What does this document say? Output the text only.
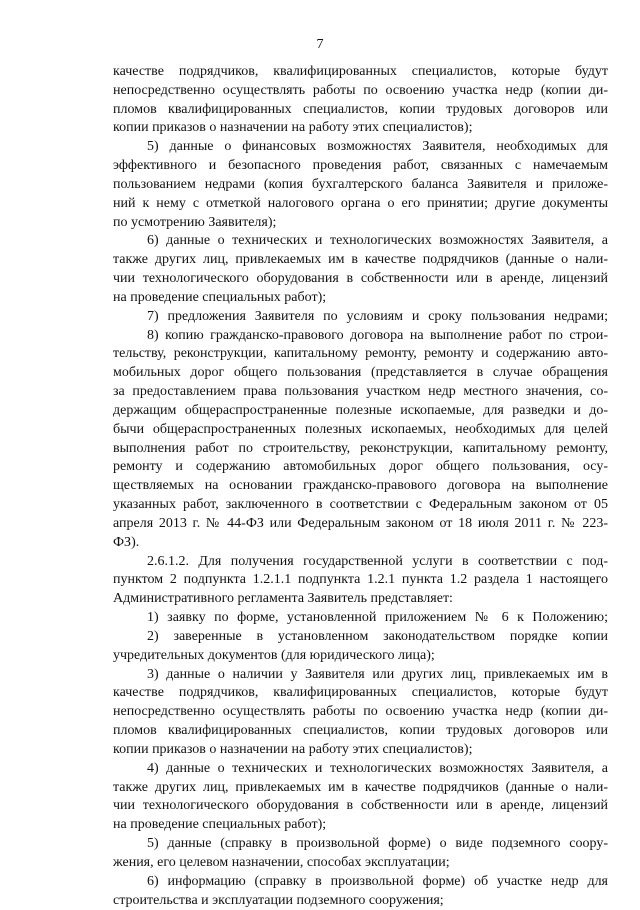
7
качестве подрядчиков, квалифицированных специалистов, которые будут
непосредственно осуществлять работы по освоению участка недр (копии ди-
пломов квалифицированных специалистов, копии трудовых договоров или
копии приказов о назначении на работу этих специалистов);
5) данные о финансовых возможностях Заявителя, необходимых для
эффективного и безопасного проведения работ, связанных с намечаемым
пользованием недрами (копия бухгалтерского баланса Заявителя и приложе-
ний к нему с отметкой налогового органа о его принятии; другие документы
по усмотрению Заявителя);
6) данные о технических и технологических возможностях Заявителя, а
также других лиц, привлекаемых им в качестве подрядчиков (данные о нали-
чии технологического оборудования в собственности или в аренде, лицензий
на проведение специальных работ);
7) предложения Заявителя по условиям и сроку пользования недрами;
8) копию гражданско-правового договора на выполнение работ по строи-
тельству, реконструкции, капитальному ремонту, ремонту и содержанию авто-
мобильных дорог общего пользования (представляется в случае обращения
за предоставлением права пользования участком недр местного значения, со-
держащим общераспространенные полезные ископаемые, для разведки и до-
бычи общераспространенных полезных ископаемых, необходимых для целей
выполнения работ по строительству, реконструкции, капитальному ремонту,
ремонту и содержанию автомобильных дорог общего пользования, осу-
ществляемых на основании гражданско-правового договора на выполнение
указанных работ, заключенного в соответствии с Федеральным законом от 05
апреля 2013 г. № 44-ФЗ или Федеральным законом от 18 июля 2011 г. № 223-
ФЗ).
2.6.1.2. Для получения государственной услуги в соответствии с под-
пунктом 2 подпункта 1.2.1.1 подпункта 1.2.1 пункта 1.2 раздела 1 настоящего
Административного регламента Заявитель представляет:
1) заявку по форме, установленной приложением № 6 к Положению;
2) заверенные в установленном законодательством порядке копии
учредительных документов (для юридического лица);
3) данные о наличии у Заявителя или других лиц, привлекаемых им в
качестве подрядчиков, квалифицированных специалистов, которые будут
непосредственно осуществлять работы по освоению участка недр (копии ди-
пломов квалифицированных специалистов, копии трудовых договоров или
копии приказов о назначении на работу этих специалистов);
4) данные о технических и технологических возможностях Заявителя, а
также других лиц, привлекаемых им в качестве подрядчиков (данные о нали-
чии технологического оборудования в собственности или в аренде, лицензий
на проведение специальных работ);
5) данные (справку в произвольной форме) о виде подземного соору-
жения, его целевом назначении, способах эксплуатации;
6) информацию (справку в произвольной форме) об участке недр для
строительства и эксплуатации подземного сооружения;
